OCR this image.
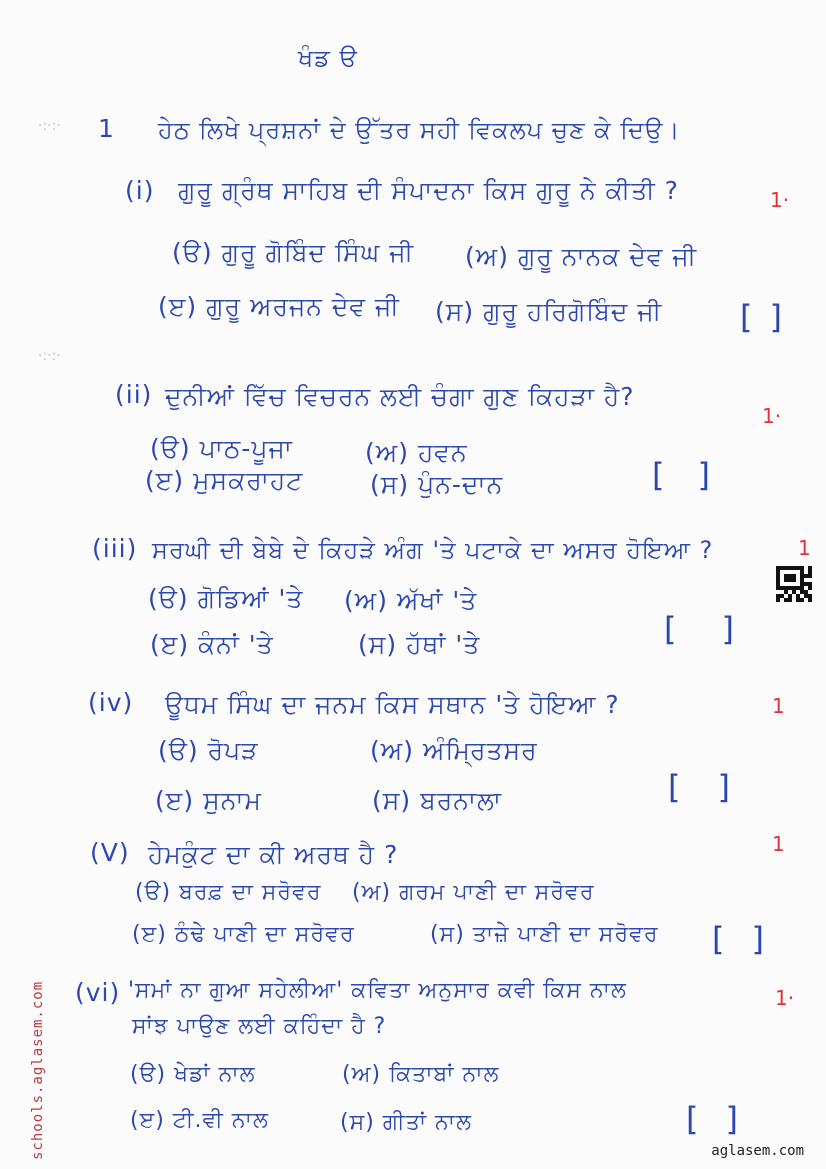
ਖੰਡ ੳ
·:·:·
·:·:·
1 ਹੇਠ ਲਿਖੇ ਪ੍ਰਸ਼ਨਾਂ ਦੇ ਉੱਤਰ ਸਹੀ ਵਿਕਲਪ ਚੁਣ ਕੇ ਦਿਉ।
(i) ਗੁਰੂ ਗ੍ਰੰਥ ਸਾਹਿਬ ਦੀ ਸੰਪਾਦਨਾ ਕਿਸ ਗੁਰੂ ਨੇ ਕੀਤੀ ?	1·
(ੳ) ਗੁਰੂ ਗੋਬਿੰਦ ਸਿੰਘ ਜੀ (ਅ) ਗੁਰੂ ਨਾਨਕ ਦੇਵ ਜੀ
(ੲ) ਗੁਰੂ ਅਰਜਨ ਦੇਵ ਜੀ (ਸ) ਗੁਰੂ ਹਰਿਗੋਬਿੰਦ ਜੀ [ ]
(ii) ਦੁਨੀਆਂ ਵਿੱਚ ਵਿਚਰਨ ਲਈ ਚੰਗਾ ਗੁਣ ਕਿਹੜਾ ਹੈ?
1·
(ੳ) ਪਾਠ-ਪੂਜਾ	(ਅ) ਹਵਨ
(ੲ) ਮੁਸਕਰਾਹਟ	(ਸ) ਪੁੰਨ-ਦਾਨ	[ ]
(iii) ਸਰਘੀ ਦੀ ਬੇਬੇ ਦੇ ਕਿਹੜੇ ਅੰਗ 'ਤੇ ਪਟਾਕੇ ਦਾ ਅਸਰ ਹੋਇਆ ?	1
(ੳ) ਗੋਡਿਆਂ 'ਤੇ (ਅ) ਅੱਖਾਂ 'ਤੇ
(ੲ) ਕੰਨਾਂ 'ਤੇ	(ਸ) ਹੱਥਾਂ 'ਤੇ	[ ]
(iv) ਊਧਮ ਸਿੰਘ ਦਾ ਜਨਮ ਕਿਸ ਸਥਾਨ 'ਤੇ ਹੋਇਆ ?	1
(ੳ) ਰੋਪੜ	(ਅ) ਅੰਮ੍ਰਿਤਸਰ
(ੲ) ਸੁਨਾਮ	(ਸ) ਬਰਨਾਲਾ	[ ]
(V) ਹੇਮਕੁੰਟ ਦਾ ਕੀ ਅਰਥ ਹੈ ?	1
(ੳ) ਬਰਫ਼ ਦਾ ਸਰੋਵਰ (ਅ) ਗਰਮ ਪਾਣੀ ਦਾ ਸਰੋਵਰ
(ੲ) ਠੰਢੇ ਪਾਣੀ ਦਾ ਸਰੋਵਰ	(ਸ) ਤਾਜ਼ੇ ਪਾਣੀ ਦਾ ਸਰੋਵਰ [ ]
(vi) 'ਸਮਾਂ ਨਾ ਗੁਆ ਸਹੇਲੀਆ' ਕਵਿਤਾ ਅਨੁਸਾਰ ਕਵੀ ਕਿਸ ਨਾਲ
ਸਾਂਝ ਪਾਉਣ ਲਈ ਕਹਿੰਦਾ ਹੈ ?
1·
(ੳ) ਖੇਡਾਂ ਨਾਲ	(ਅ) ਕਿਤਾਬਾਂ ਨਾਲ
(ੲ) ਟੀ.ਵੀ ਨਾਲ	(ਸ) ਗੀਤਾਂ ਨਾਲ	[ ]
schools.aglasem.com	aglasem.com
